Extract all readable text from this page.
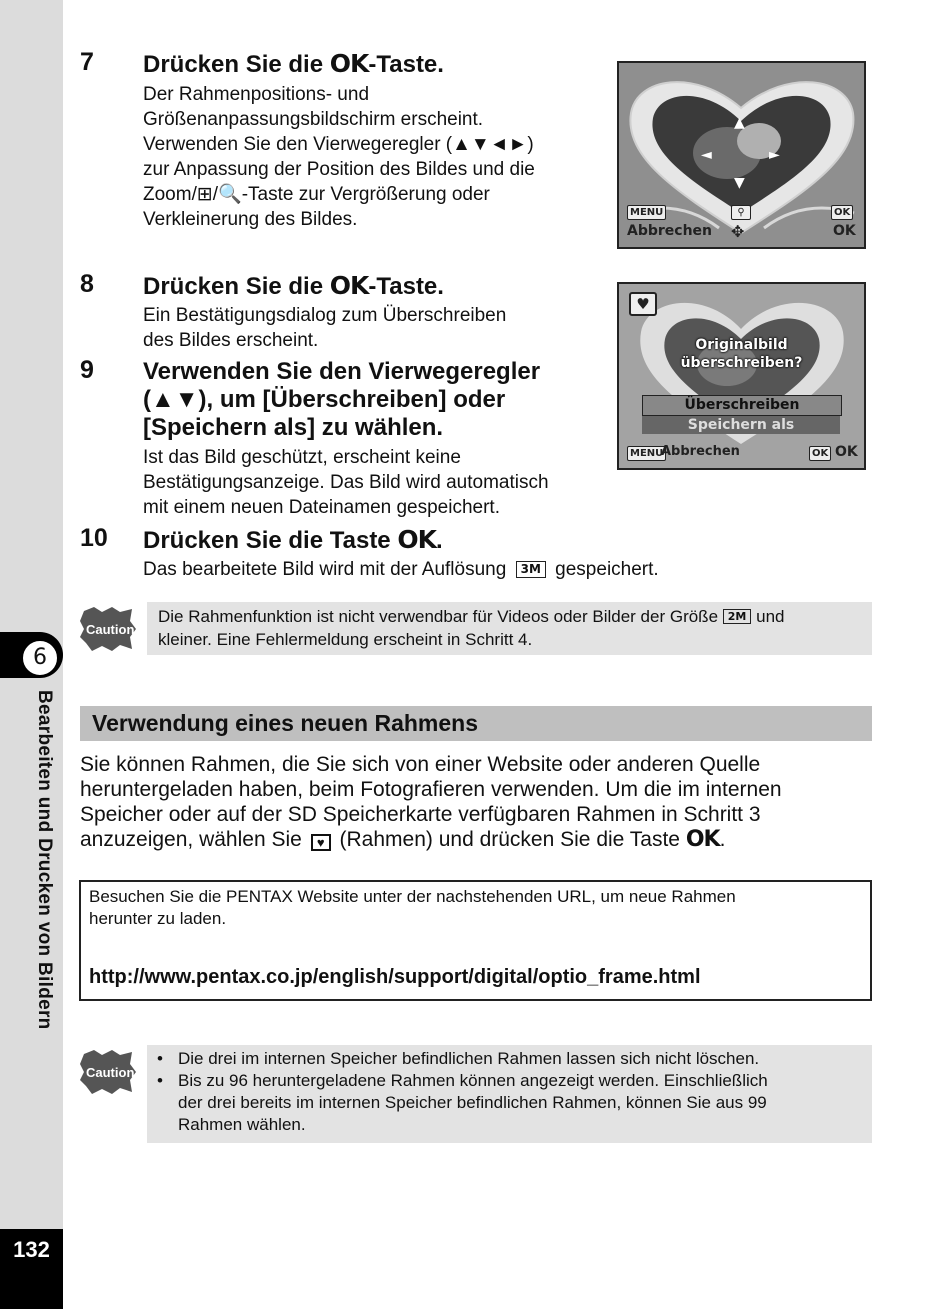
6
Bearbeiten und Drucken von Bildern
132
7 Drücken Sie die OK-Taste.
Der Rahmenpositions- und
Größenanpassungsbildschirm erscheint.
Verwenden Sie den Vierwegeregler (▲▼◄►)
zur Anpassung der Position des Bildes und die
Zoom/⊞/🔍-Taste zur Vergrößerung oder
Verkleinerung des Bildes.
▲
▼
◄	►
MENU
Abbrechen
⚲
✥
OK
OK
8 Drücken Sie die OK-Taste.
Ein Bestätigungsdialog zum Überschreiben
des Bildes erscheint.
9 Verwenden Sie den Vierwegeregler
(▲▼), um [Überschreiben] oder
[Speichern als] zu wählen.
Ist das Bild geschützt, erscheint keine
Bestätigungsanzeige. Das Bild wird automatisch
mit einem neuen Dateinamen gespeichert.
♥
Originalbild
überschreiben?
Überschreiben
Speichern als
MENU
Abbrechen	OK OK
10 Drücken Sie die Taste OK.
Das bearbeitete Bild wird mit der Auflösung 3M gespeichert.
Caution
Die Rahmenfunktion ist nicht verwendbar für Videos oder Bilder der Größe 2M und
kleiner. Eine Fehlermeldung erscheint in Schritt 4.
Verwendung eines neuen Rahmens
Sie können Rahmen, die Sie sich von einer Website oder anderen Quelle
heruntergeladen haben, beim Fotografieren verwenden. Um die im internen
Speicher oder auf der SD Speicherkarte verfügbaren Rahmen in Schritt 3
anzuzeigen, wählen Sie ♥ (Rahmen) und drücken Sie die Taste OK.
Besuchen Sie die PENTAX Website unter der nachstehenden URL, um neue Rahmen
herunter zu laden.
http://www.pentax.co.jp/english/support/digital/optio_frame.html
Caution
• Die drei im internen Speicher befindlichen Rahmen lassen sich nicht löschen.
• Bis zu 96 heruntergeladene Rahmen können angezeigt werden. Einschließlich
der drei bereits im internen Speicher befindlichen Rahmen, können Sie aus 99
Rahmen wählen.
